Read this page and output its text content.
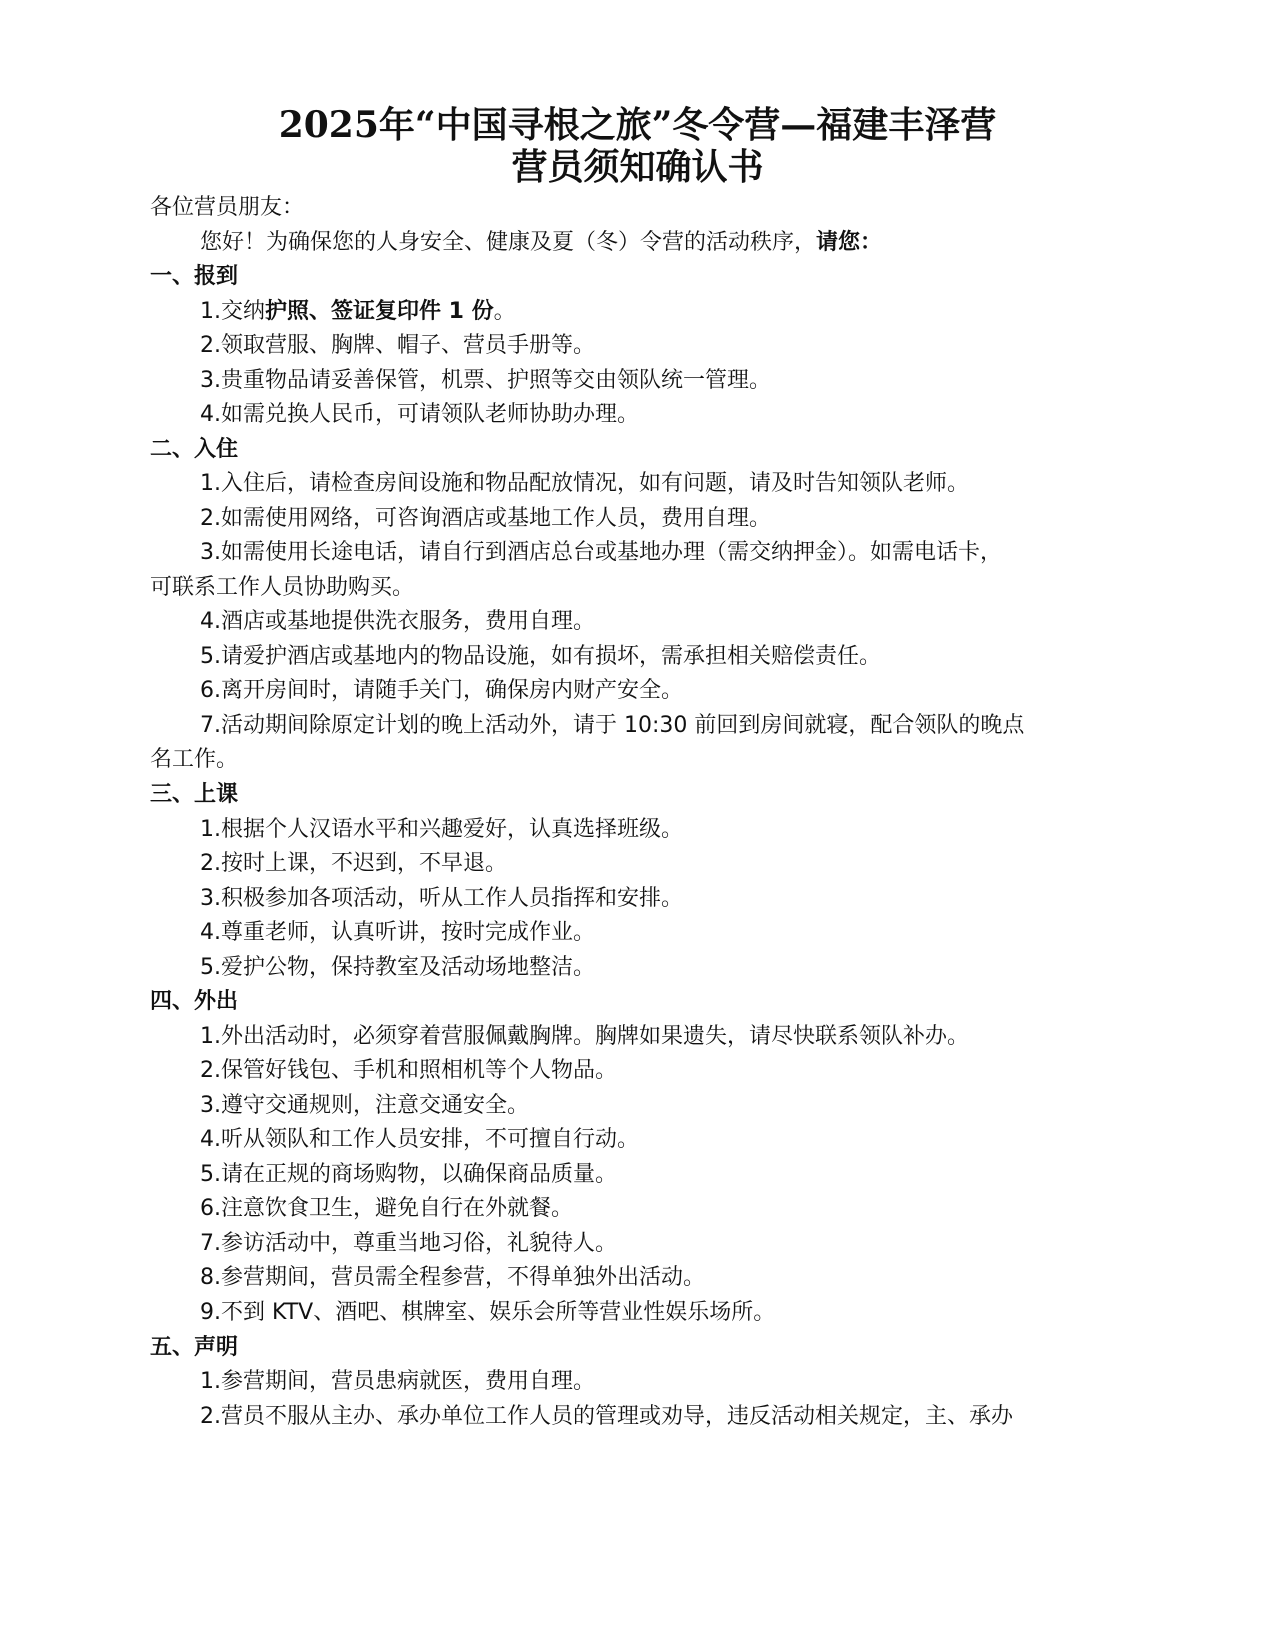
2025年“中国寻根之旅”冬令营—福建丰泽营
营员须知确认书
各位营员朋友：
您好！为确保您的人身安全、健康及夏（冬）令营的活动秩序，请您：
一、报到
1.交纳护照、签证复印件 1 份。
2.领取营服、胸牌、帽子、营员手册等。
3.贵重物品请妥善保管，机票、护照等交由领队统一管理。
4.如需兑换人民币，可请领队老师协助办理。
二、入住
1.入住后，请检查房间设施和物品配放情况，如有问题，请及时告知领队老师。
2.如需使用网络，可咨询酒店或基地工作人员，费用自理。
3.如需使用长途电话，请自行到酒店总台或基地办理（需交纳押金）。如需电话卡，
可联系工作人员协助购买。
4.酒店或基地提供洗衣服务，费用自理。
5.请爱护酒店或基地内的物品设施，如有损坏，需承担相关赔偿责任。
6.离开房间时，请随手关门，确保房内财产安全。
7.活动期间除原定计划的晚上活动外，请于 10:30 前回到房间就寝，配合领队的晚点
名工作。
三、上课
1.根据个人汉语水平和兴趣爱好，认真选择班级。
2.按时上课，不迟到，不早退。
3.积极参加各项活动，听从工作人员指挥和安排。
4.尊重老师，认真听讲，按时完成作业。
5.爱护公物，保持教室及活动场地整洁。
四、外出
1.外出活动时，必须穿着营服佩戴胸牌。胸牌如果遗失，请尽快联系领队补办。
2.保管好钱包、手机和照相机等个人物品。
3.遵守交通规则，注意交通安全。
4.听从领队和工作人员安排，不可擅自行动。
5.请在正规的商场购物，以确保商品质量。
6.注意饮食卫生，避免自行在外就餐。
7.参访活动中，尊重当地习俗，礼貌待人。
8.参营期间，营员需全程参营，不得单独外出活动。
9.不到 KTV、酒吧、棋牌室、娱乐会所等营业性娱乐场所。
五、声明
1.参营期间，营员患病就医，费用自理。
2.营员不服从主办、承办单位工作人员的管理或劝导，违反活动相关规定，主、承办
